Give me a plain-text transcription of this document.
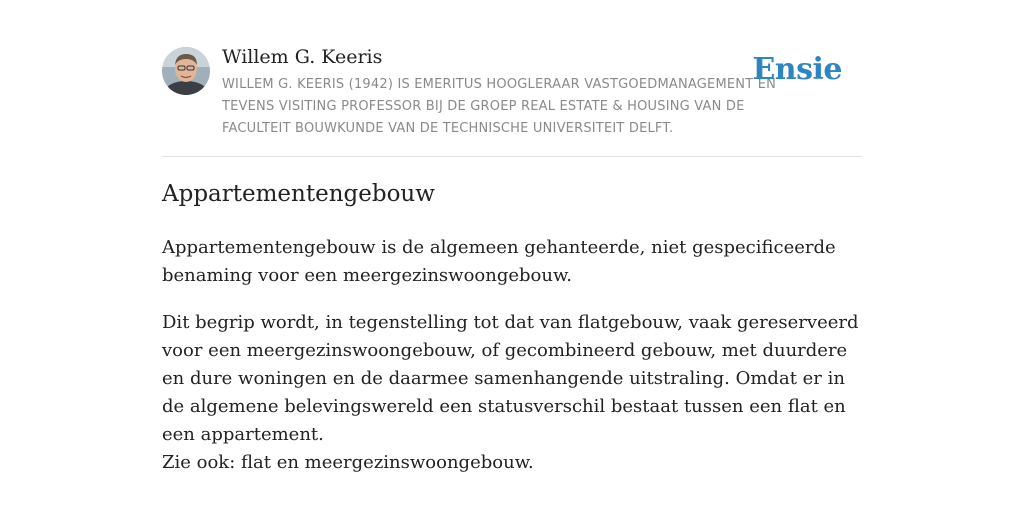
Willem G. Keeris
WILLEM G. KEERIS (1942) IS EMERITUS HOOGLERAAR VASTGOEDMANAGEMENT EN TEVENS VISITING PROFESSOR BIJ DE GROEP REAL ESTATE & HOUSING VAN DE FACULTEIT BOUWKUNDE VAN DE TECHNISCHE UNIVERSITEIT DELFT.
Ensie
Appartementengebouw

Appartementengebouw is de algemeen gehanteerde, niet gespecificeerde benaming voor een meergezinswoongebouw.

Dit begrip wordt, in tegenstelling tot dat van flatgebouw, vaak gereserveerd voor een meergezinswoongebouw, of gecombineerd gebouw, met duurdere en dure woningen en de daarmee samenhangende uitstraling. Omdat er in de algemene belevingswereld een statusverschil bestaat tussen een flat en een appartement.

Zie ook: flat en meergezinswoongebouw.
